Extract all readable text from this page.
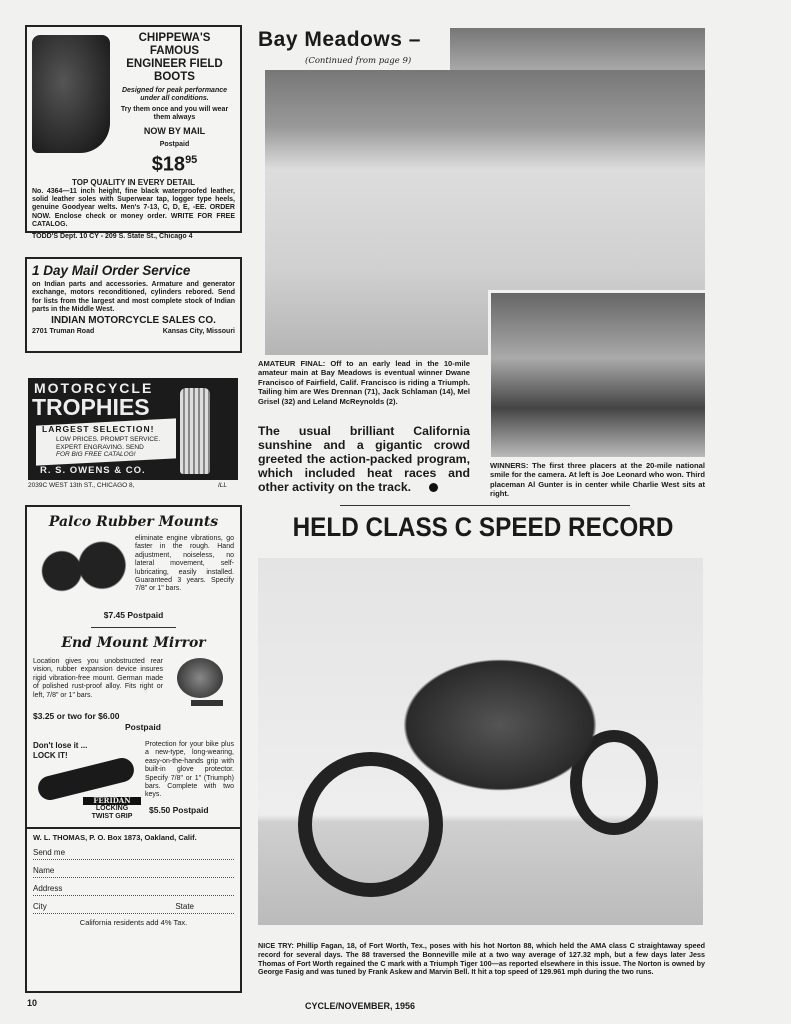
CHIPPEWA'S FAMOUS
ENGINEER FIELD BOOTS
Designed for peak performance under all conditions.
Try them once and you will wear them always
NOW BY MAIL
Postpaid
$\$18^{95}$
TOP QUALITY IN EVERY DETAIL
No. 4364—11 inch height, fine black waterproofed leather, solid leather soles with Superwear tap, logger type heels, genuine Goodyear welts. Men's 7-13, C, D, E, -EE. ORDER NOW. Enclose check or money order. WRITE FOR FREE CATALOG.
TODD'S Dept. 10 CY - 209 S. State St., Chicago 4
1 Day Mail Order Service
on Indian parts and accessories. Armature and generator exchange, motors reconditioned, cylinders rebored. Send for lists from the largest and most complete stock of Indian parts in the Middle West.
INDIAN MOTORCYCLE SALES CO.
2701 Truman Road	Kansas City, Missouri
MOTORCYCLE
TROPHIES
LARGEST SELECTION!
LOW PRICES. PROMPT SERVICE.
EXPERT ENGRAVING. SEND
FOR BIG FREE CATALOG!
R. S. OWENS & CO.
2039C WEST 13th ST., CHICAGO 8,	ILL
Palco Rubber Mounts
eliminate engine vibrations, go faster in the rough. Hand adjustment, noiseless, no lateral movement, self-lubricating, easily installed. Guaranteed 3 years. Specify 7/8" or 1" bars.
$7.45 Postpaid
End Mount Mirror
Location gives you unobstructed rear vision, rubber expansion device insures rigid vibration-free mount. German made of polished rust-proof alloy. Fits right or left, 7/8" or 1" bars.
$3.25 or two for $6.00
Postpaid
Don't lose it ... LOCK IT!
FERIDAN
LOCKING
TWIST GRIP
Protection for your bike plus a new-type, long-wearing, easy-on-the-hands grip with built-in glove protector. Specify 7/8" or 1" (Triumph) bars. Complete with two keys.
$5.50 Postpaid
W. L. THOMAS, P. O. Box 1873, Oakland, Calif.
Send me
Name
Address
City	State
California residents add 4% Tax.
10
Bay Meadows –
(Continued from page 9)
AMATEUR FINAL: Off to an early lead in the 10-mile amateur main at Bay Meadows is eventual winner Dwane Francisco of Fairfield, Calif. Francisco is riding a Triumph. Tailing him are Wes Drennan (71), Jack Schlaman (14), Mel Grisel (32) and Leland McReynolds (2).
The usual brilliant California sunshine and a gigantic crowd greeted the action-packed program, which included heat races and other activity on the track.
WINNERS: The first three placers at the 20-mile national smile for the camera. At left is Joe Leonard who won. Third placeman Al Gunter is in center while Charlie West sits at right.
HELD CLASS C SPEED RECORD
NICE TRY: Phillip Fagan, 18, of Fort Worth, Tex., poses with his hot Norton 88, which held the AMA class C straightaway speed record for several days. The 88 traversed the Bonneville mile at a two way average of 127.32 mph, but a few days later Jess Thomas of Fort Worth regained the C mark with a Triumph Tiger 100—as reported elsewhere in this issue. The Norton is owned by George Fasig and was tuned by Frank Askew and Marvin Bell. It hit a top speed of 129.961 mph during the two runs.
CYCLE/NOVEMBER, 1956
